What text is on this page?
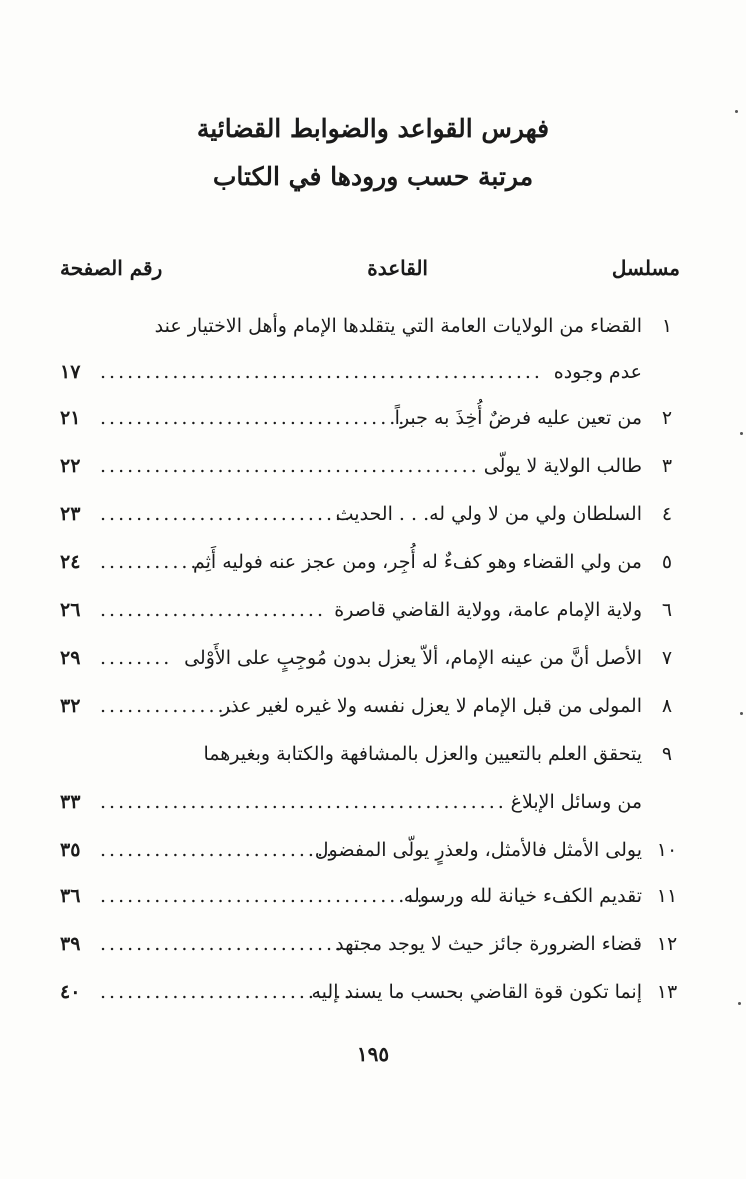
فهرس القواعد والضوابط القضائية
مرتبة حسب ورودها في الكتاب
مسلسل
القاعدة
رقم الصفحة
١
القضاء من الولايات العامة التي يتقلدها الإمام وأهل الاختيار عند
عدم وجوده
.................................................
١٧
٢
من تعين عليه فرضٌ أُخِذَ به جبراً
...................................
٢١
٣
طالب الولاية لا يولّى
..........................................
٢٢
٤
السلطان ولي من لا ولي له. . . الحديث
............................
٢٣
٥
من ولي القضاء وهو كفءٌ له أُجِر، ومن عجز عنه فوليه أَثِم
...........
٢٤
٦
ولاية الإمام عامة، وولاية القاضي قاصرة
.........................
٢٦
٧
الأصل أنَّ من عينه الإمام، ألاّ يعزل بدون مُوجِبٍ على الأَوْلى
........
٢٩
٨
المولى من قبل الإمام لا يعزل نفسه ولا غيره لغير عذر
...............
٣٢
٩
يتحقق العلم بالتعيين والعزل بالمشافهة والكتابة وبغيرهما
من وسائل الإبلاغ
.............................................
٣٣
١٠
يولى الأمثل فالأمثل، ولعذرٍ يولّى المفضول
..........................
٣٥
١١
تقديم الكفء خيانة لله ورسوله
.....................................
٣٦
١٢
قضاء الضرورة جائز حيث لا يوجد مجتهد
.............................
٣٩
١٣
إنما تكون قوة القاضي بحسب ما يسند إليه
.............................
٤٠
١٩٥
